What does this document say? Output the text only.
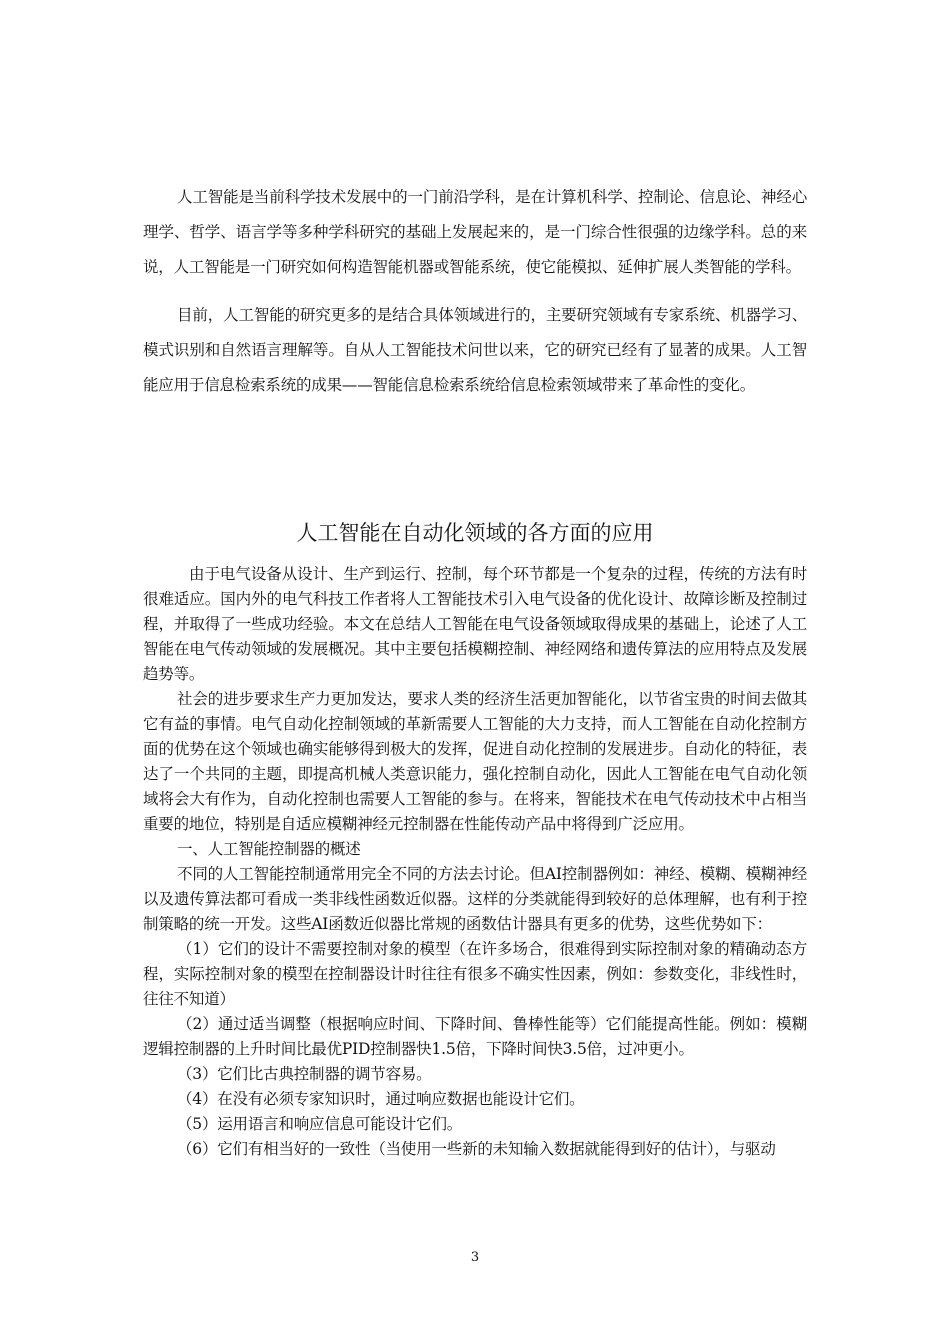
人工智能是当前科学技术发展中的一门前沿学科，是在计算机科学、控制论、信息论、神经心理学、哲学、语言学等多种学科研究的基础上发展起来的，是一门综合性很强的边缘学科。总的来说，人工智能是一门研究如何构造智能机器或智能系统，使它能模拟、延伸扩展人类智能的学科。

目前，人工智能的研究更多的是结合具体领域进行的，主要研究领域有专家系统、机器学习、模式识别和自然语言理解等。自从人工智能技术问世以来，它的研究已经有了显著的成果。人工智能应用于信息检索系统的成果——智能信息检索系统给信息检索领域带来了革命性的变化。

人工智能在自动化领域的各方面的应用

由于电气设备从设计、生产到运行、控制，每个环节都是一个复杂的过程，传统的方法有时很难适应。国内外的电气科技工作者将人工智能技术引入电气设备的优化设计、故障诊断及控制过程，并取得了一些成功经验。本文在总结人工智能在电气设备领域取得成果的基础上，论述了人工智能在电气传动领域的发展概况。其中主要包括模糊控制、神经网络和遗传算法的应用特点及发展趋势等。

社会的进步要求生产力更加发达，要求人类的经济生活更加智能化，以节省宝贵的时间去做其它有益的事情。电气自动化控制领域的革新需要人工智能的大力支持，而人工智能在自动化控制方面的优势在这个领域也确实能够得到极大的发挥，促进自动化控制的发展进步。自动化的特征，表达了一个共同的主题，即提高机械人类意识能力，强化控制自动化，因此人工智能在电气自动化领域将会大有作为，自动化控制也需要人工智能的参与。在将来，智能技术在电气传动技术中占相当重要的地位，特别是自适应模糊神经元控制器在性能传动产品中将得到广泛应用。

一、人工智能控制器的概述

不同的人工智能控制通常用完全不同的方法去讨论。但AI控制器例如：神经、模糊、模糊神经以及遗传算法都可看成一类非线性函数近似器。这样的分类就能得到较好的总体理解，也有利于控制策略的统一开发。这些AI函数近似器比常规的函数估计器具有更多的优势，这些优势如下：

（1）它们的设计不需要控制对象的模型（在许多场合，很难得到实际控制对象的精确动态方程，实际控制对象的模型在控制器设计时往往有很多不确实性因素，例如：参数变化，非线性时，往往不知道）

（2）通过适当调整（根据响应时间、下降时间、鲁棒性能等）它们能提高性能。例如：模糊逻辑控制器的上升时间比最优PID控制器快1.5倍，下降时间快3.5倍，过冲更小。

（3）它们比古典控制器的调节容易。

（4）在没有必须专家知识时，通过响应数据也能设计它们。

（5）运用语言和响应信息可能设计它们。

（6）它们有相当好的一致性（当使用一些新的未知输入数据就能得到好的估计），与驱动

3
